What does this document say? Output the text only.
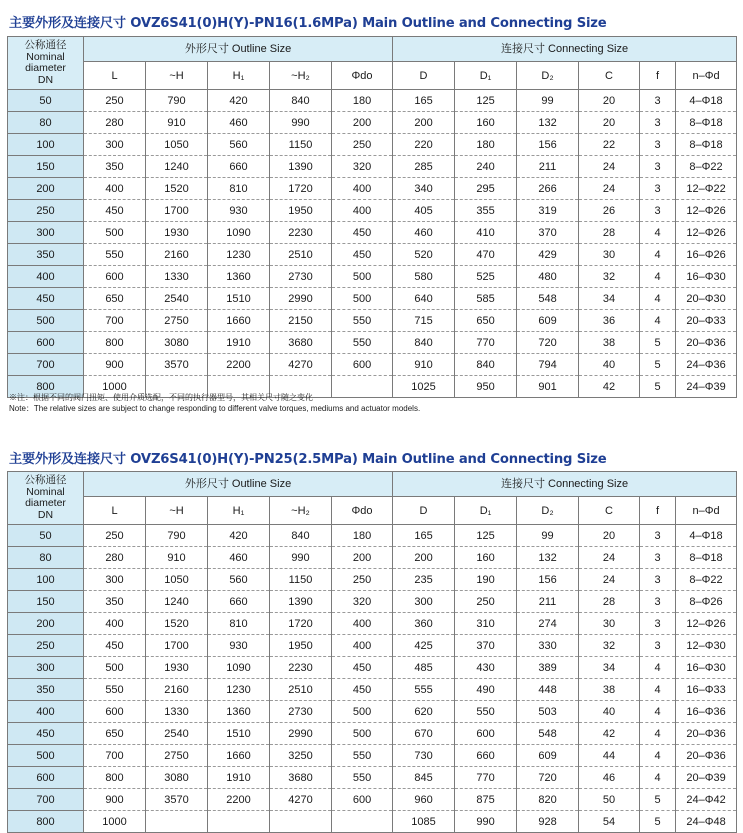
主要外形及连接尺寸 OVZ6S41(0)H(Y)-PN16(1.6MPa) Main Outline and Connecting Size
公称通径
Nominal
diameter
DN	外形尺寸 Outline Size					连接尺寸 Connecting Size					
	L	~H	H₁	~H₂	Φdo	D	D₁	D₂	C	f	n–Φd
50	250	790	420	840	180	165	125	99	20	3	4–Φ18
80	280	910	460	990	200	200	160	132	20	3	8–Φ18
100	300	1050	560	1150	250	220	180	156	22	3	8–Φ18
150	350	1240	660	1390	320	285	240	211	24	3	8–Φ22
200	400	1520	810	1720	400	340	295	266	24	3	12–Φ22
250	450	1700	930	1950	400	405	355	319	26	3	12–Φ26
300	500	1930	1090	2230	450	460	410	370	28	4	12–Φ26
350	550	2160	1230	2510	450	520	470	429	30	4	16–Φ26
400	600	1330	1360	2730	500	580	525	480	32	4	16–Φ30
450	650	2540	1510	2990	500	640	585	548	34	4	20–Φ30
500	700	2750	1660	2150	550	715	650	609	36	4	20–Φ33
600	800	3080	1910	3680	550	840	770	720	38	5	20–Φ36
700	900	3570	2200	4270	600	910	840	794	40	5	24–Φ36
800	1000					1025	950	901	42	5	24–Φ39
※注：根据不同的阀门扭矩、使用介质选配，不同的执行器型号，其相关尺寸随之变化
Note：The relative sizes are subject to change responding to different valve torques, mediums and actuator models.
主要外形及连接尺寸 OVZ6S41(0)H(Y)-PN25(2.5MPa) Main Outline and Connecting Size
公称通径
Nominal
diameter
DN	外形尺寸 Outline Size					连接尺寸 Connecting Size					
	L	~H	H₁	~H₂	Φdo	D	D₁	D₂	C	f	n–Φd
50	250	790	420	840	180	165	125	99	20	3	4–Φ18
80	280	910	460	990	200	200	160	132	24	3	8–Φ18
100	300	1050	560	1150	250	235	190	156	24	3	8–Φ22
150	350	1240	660	1390	320	300	250	211	28	3	8–Φ26
200	400	1520	810	1720	400	360	310	274	30	3	12–Φ26
250	450	1700	930	1950	400	425	370	330	32	3	12–Φ30
300	500	1930	1090	2230	450	485	430	389	34	4	16–Φ30
350	550	2160	1230	2510	450	555	490	448	38	4	16–Φ33
400	600	1330	1360	2730	500	620	550	503	40	4	16–Φ36
450	650	2540	1510	2990	500	670	600	548	42	4	20–Φ36
500	700	2750	1660	3250	550	730	660	609	44	4	20–Φ36
600	800	3080	1910	3680	550	845	770	720	46	4	20–Φ39
700	900	3570	2200	4270	600	960	875	820	50	5	24–Φ42
800	1000					1085	990	928	54	5	24–Φ48
